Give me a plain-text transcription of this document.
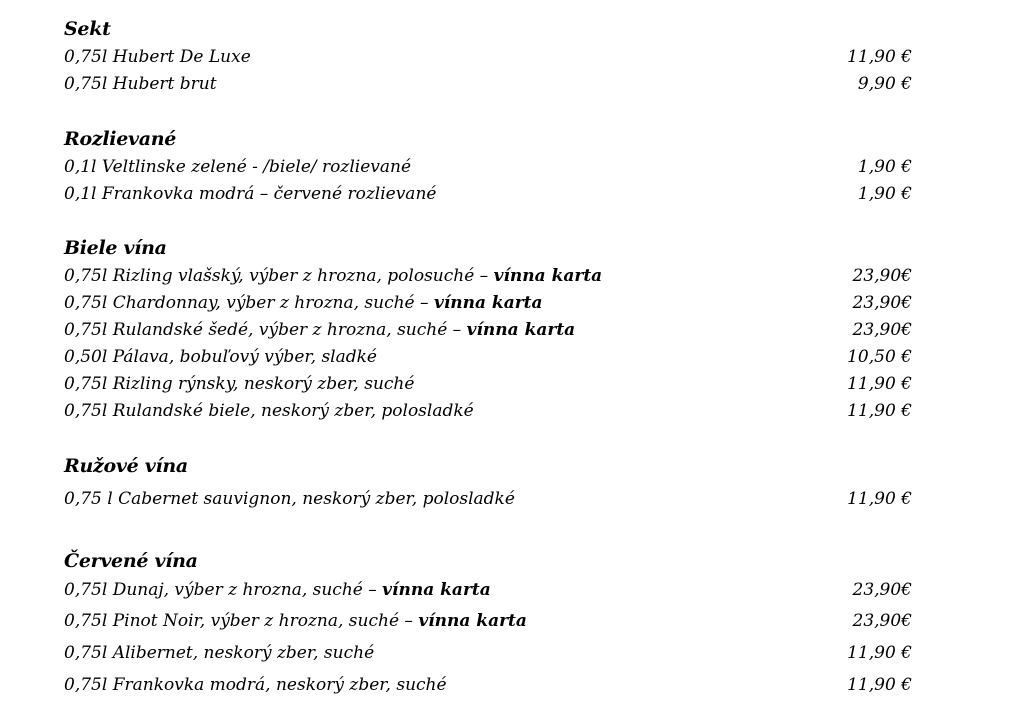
Sekt
0,75l Hubert De Luxe	11,90 €
0,75l Hubert brut	9,90 €
Rozlievané
0,1l Veltlinske zelené - /biele/ rozlievané	1,90 €
0,1l Frankovka modrá – červené rozlievané	1,90 €
Biele vína
0,75l Rizling vlašský, výber z hrozna, polosuché – vínna karta	23,90€
0,75l Chardonnay, výber z hrozna, suché – vínna karta	23,90€
0,75l Rulandské šedé, výber z hrozna, suché – vínna karta	23,90€
0,50l Pálava, bobuľový výber, sladké	10,50 €
0,75l Rizling rýnsky, neskorý zber, suché	11,90 €
0,75l Rulandské biele, neskorý zber, polosladké	11,90 €
Ružové vína
0,75 l Cabernet sauvignon, neskorý zber, polosladké	11,90 €
Červené vína
0,75l Dunaj, výber z hrozna, suché – vínna karta	23,90€
0,75l Pinot Noir, výber z hrozna, suché – vínna karta	23,90€
0,75l Alibernet, neskorý zber, suché	11,90 €
0,75l Frankovka modrá, neskorý zber, suché	11,90 €
